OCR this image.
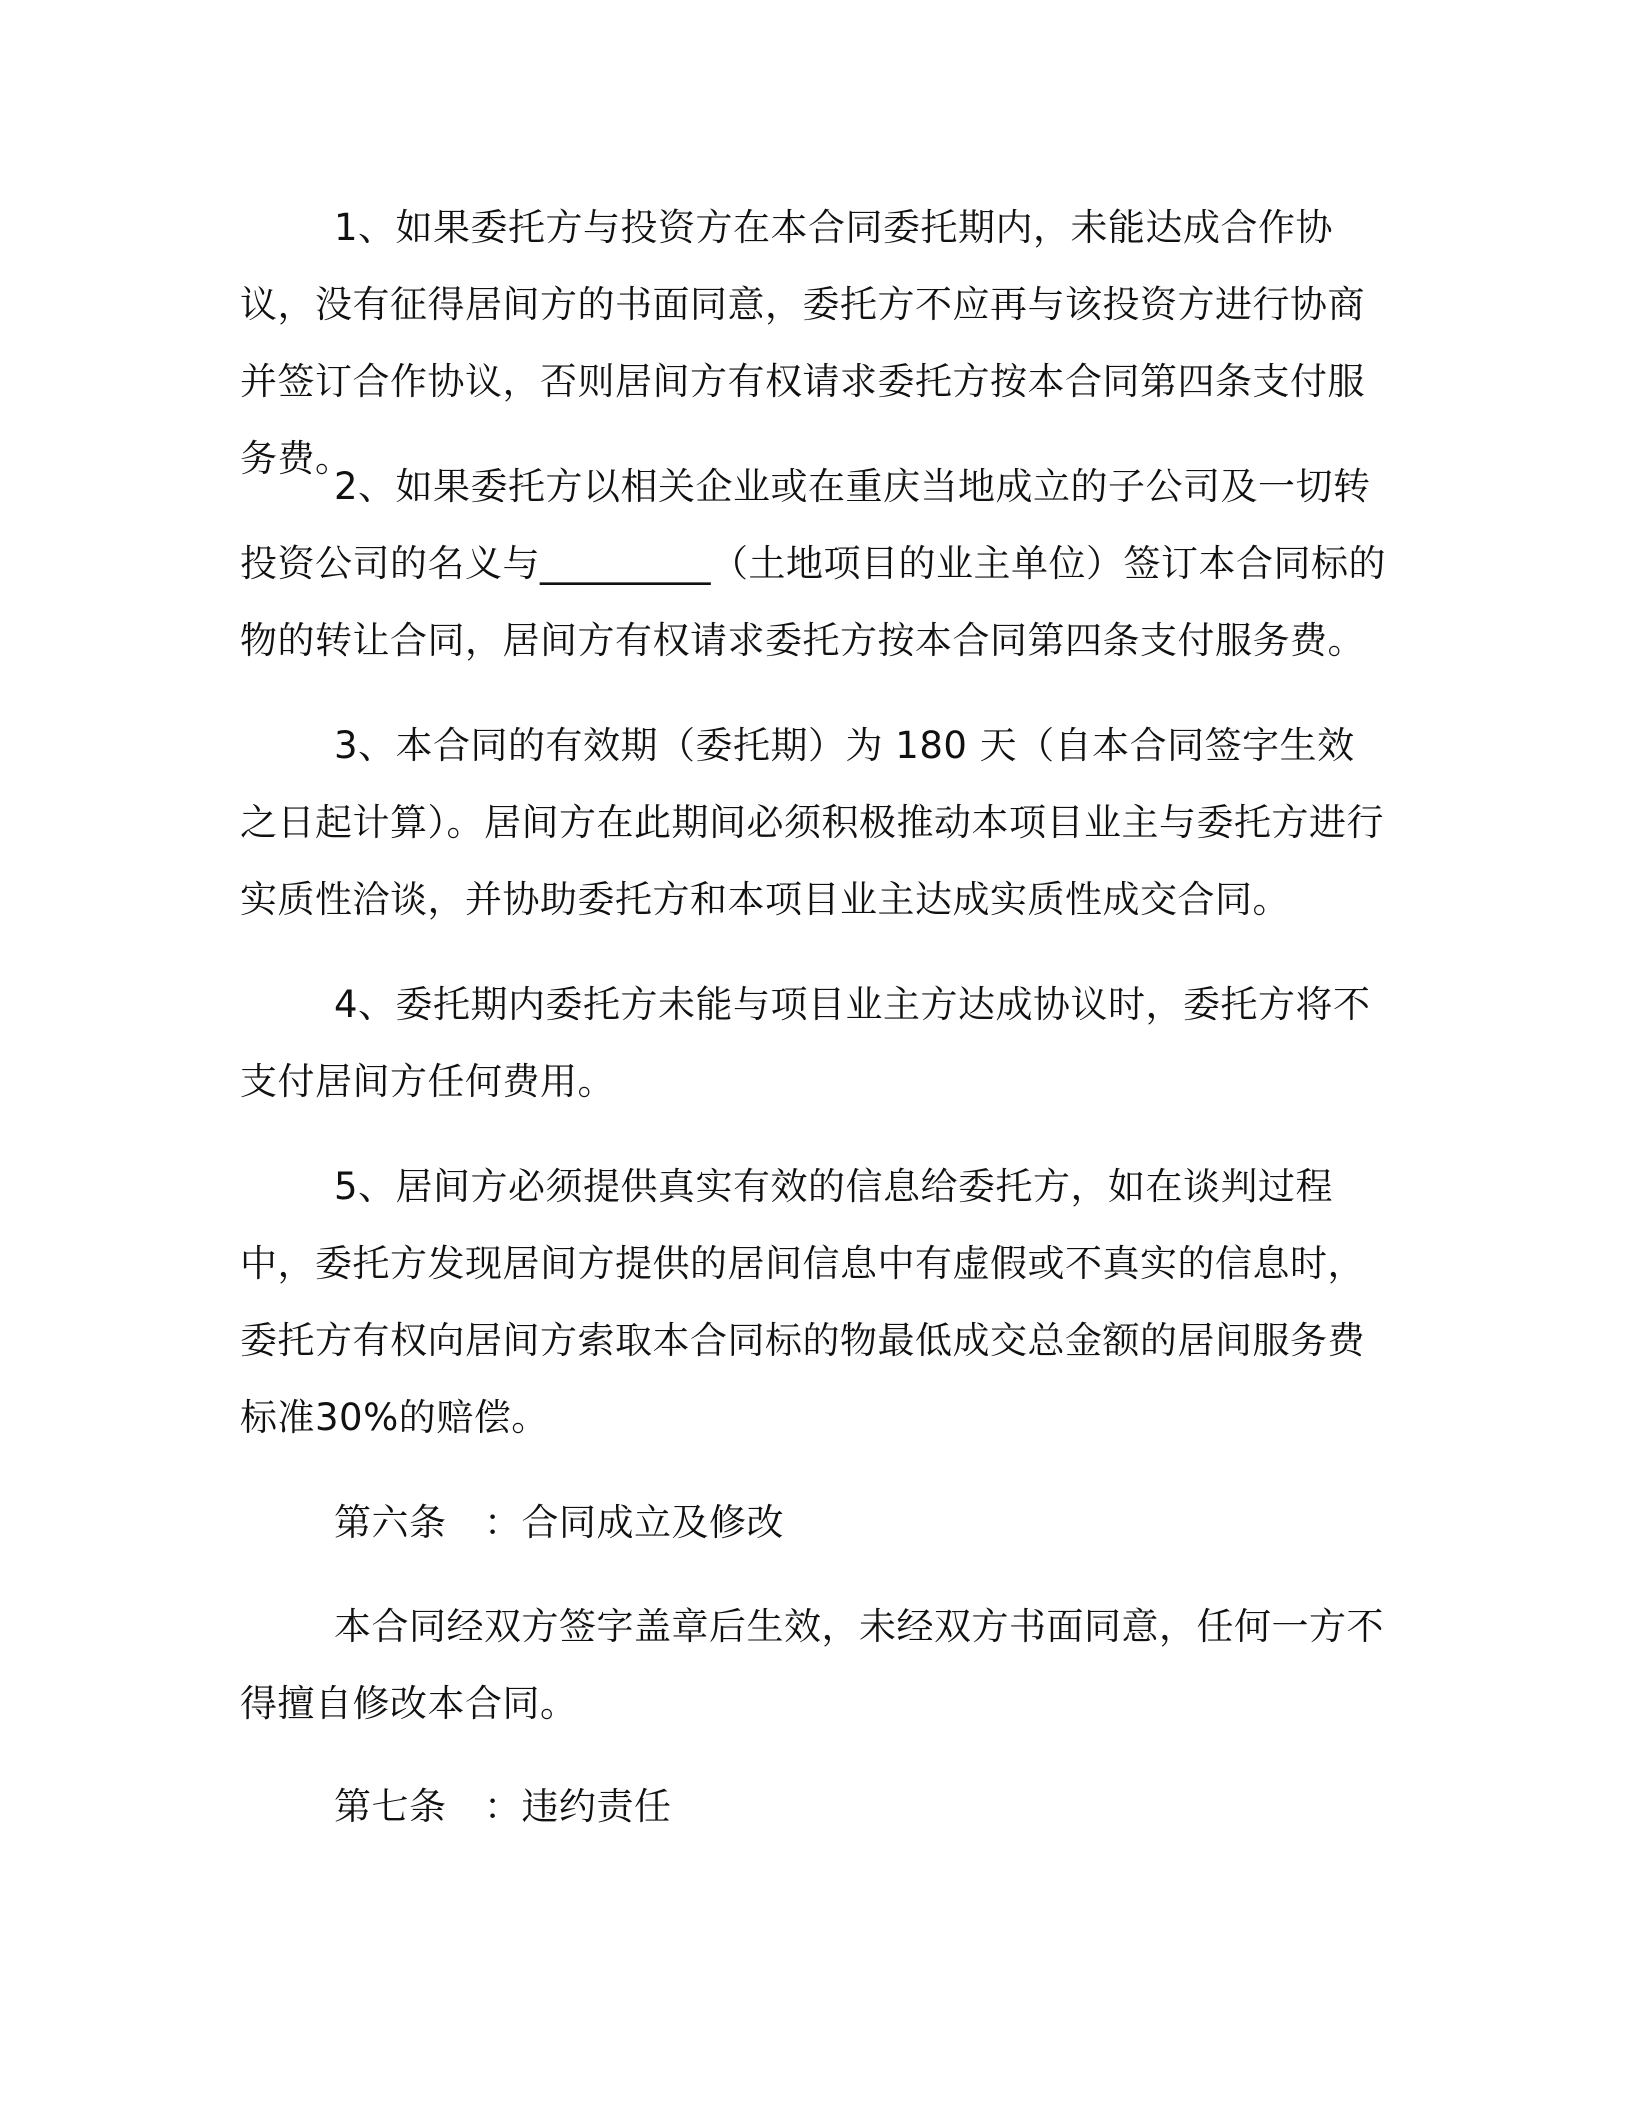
1、如果委托方与投资方在本合同委托期内，未能达成合作协议，没有征得居间方的书面同意，委托方不应再与该投资方进行协商并签订合作协议，否则居间方有权请求委托方按本合同第四条支付服务费。

2、如果委托方以相关企业或在重庆当地成立的子公司及一切转投资公司的名义与_________（土地项目的业主单位）签订本合同标的物的转让合同，居间方有权请求委托方按本合同第四条支付服务费。

3、本合同的有效期（委托期）为 180 天（自本合同签字生效之日起计算）。居间方在此期间必须积极推动本项目业主与委托方进行实质性洽谈，并协助委托方和本项目业主达成实质性成交合同。

4、委托期内委托方未能与项目业主方达成协议时，委托方将不支付居间方任何费用。

5、居间方必须提供真实有效的信息给委托方，如在谈判过程中，委托方发现居间方提供的居间信息中有虚假或不真实的信息时，委托方有权向居间方索取本合同标的物最低成交总金额的居间服务费标准30%的赔偿。

第六条　：合同成立及修改

本合同经双方签字盖章后生效，未经双方书面同意，任何一方不得擅自修改本合同。

第七条　：违约责任
